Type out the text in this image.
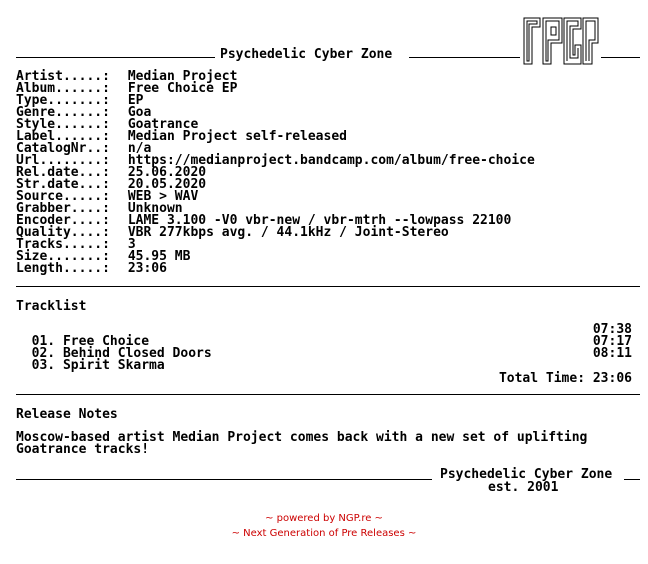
Psychedelic Cyber Zone
Artist.....: Median Project
Album......: Free Choice EP
Type.......: EP
Genre......: Goa
Style......: Goatrance
Label......: Median Project self-released
CatalogNr..: n/a
Url........: https://medianproject.bandcamp.com/album/free-choice
Rel.date...: 25.06.2020
Str.date...: 20.05.2020
Source.....: WEB > WAV
Grabber....: Unknown
Encoder....: LAME 3.100 -V0 vbr-new / vbr-mtrh --lowpass 22100
Quality....: VBR 277kbps avg. / 44.1kHz / Joint-Stereo
Tracks.....: 3
Size.......: 45.95 MB
Length.....: 23:06
Tracklist

01. Free Choice

07:38

02. Behind Closed Doors

07:17

03. Spirit Skarma

08:11

Total Time: 23:06
Release Notes
Moscow-based artist Median Project comes back with a new set of uplifting Goatrance tracks!
Psychedelic Cyber Zone
est. 2001
~ powered by NGP.re ~
~ Next Generation of Pre Releases ~
